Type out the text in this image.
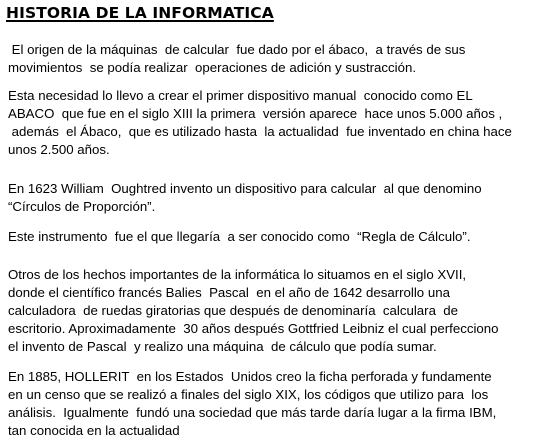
HISTORIA DE LA INFORMATICA

El origen de la máquinas  de calcular  fue dado por el ábaco,  a través de sus
movimientos  se podía realizar  operaciones de adición y sustracción.

Esta necesidad lo llevo a crear el primer dispositivo manual  conocido como EL
ABACO  que fue en el siglo XIII la primera  versión aparece  hace unos 5.000 años ,
además  el Ábaco,  que es utilizado hasta  la actualidad  fue inventado en china hace
unos 2.500 años.

En 1623 William  Oughtred invento un dispositivo para calcular  al que denomino
“Círculos de Proporción”.

Este instrumento  fue el que llegaría  a ser conocido como  “Regla de Cálculo”.

Otros de los hechos importantes de la informática lo situamos en el siglo XVII,
donde el científico francés Balies  Pascal  en el año de 1642 desarrollo una
calculadora  de ruedas giratorias que después de denominaría  calculara  de
escritorio. Aproximadamente  30 años después Gottfried Leibniz el cual perfecciono
el invento de Pascal  y realizo una máquina  de cálculo que podía sumar.

En 1885, HOLLERIT  en los Estados  Unidos creo la ficha perforada y fundamente
en un censo que se realizó a finales del siglo XIX, los códigos que utilizo para  los
análisis.  Igualmente  fundó una sociedad que más tarde daría lugar a la firma IBM,
tan conocida en la actualidad
